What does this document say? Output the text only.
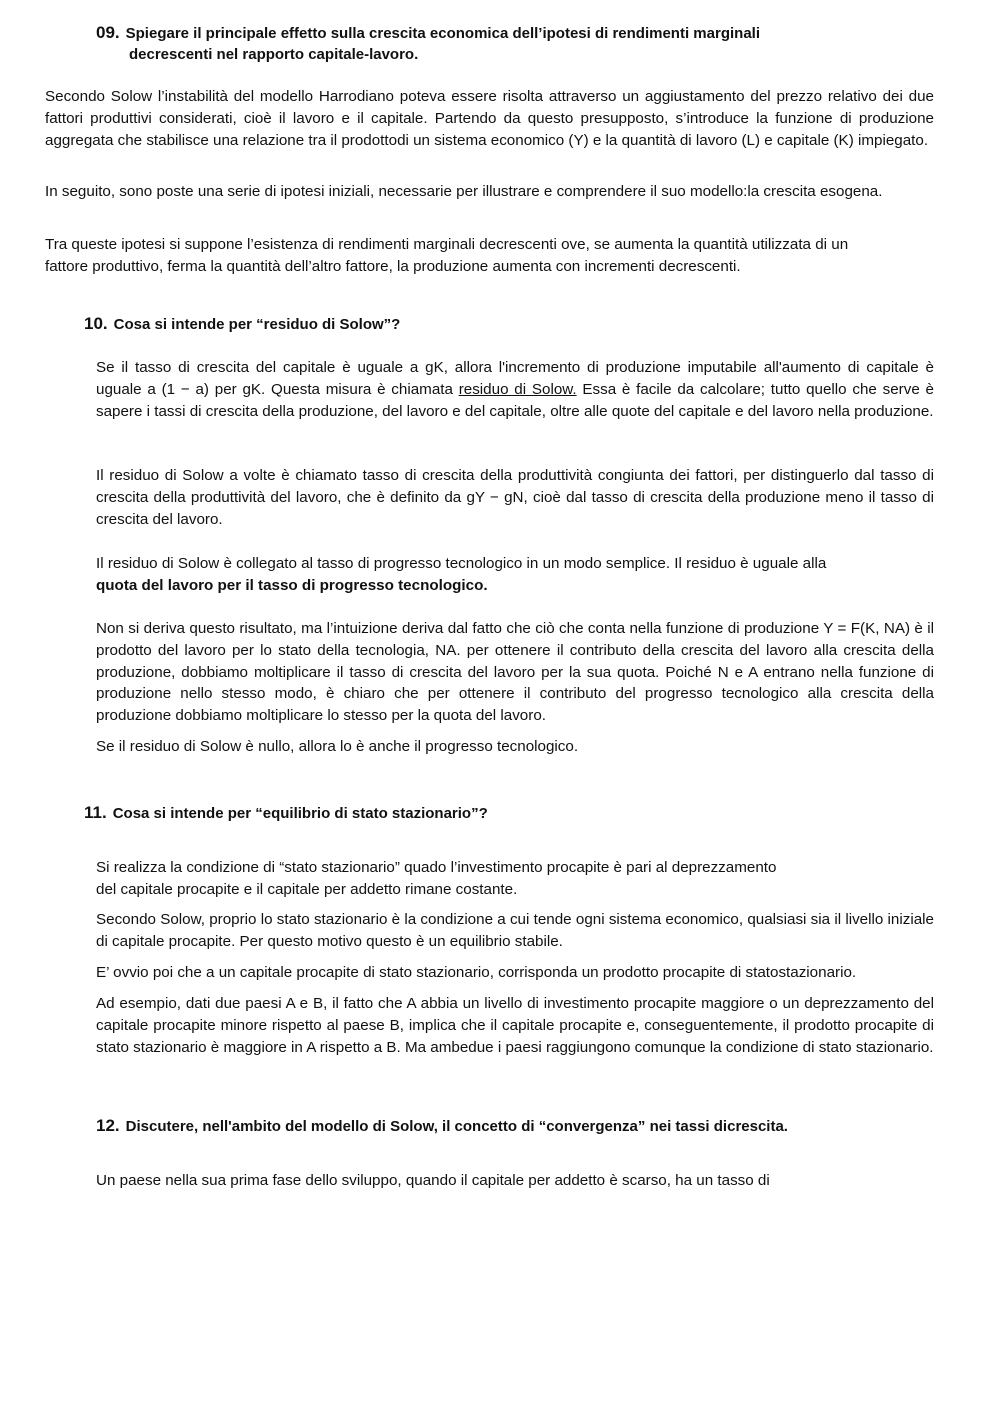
09. Spiegare il principale effetto sulla crescita economica dell’ipotesi di rendimenti marginali
decrescenti nel rapporto capitale-lavoro.

Secondo Solow l’instabilità del modello Harrodiano poteva essere risolta attraverso un aggiustamento del prezzo relativo dei due fattori produttivi considerati, cioè il lavoro e il capitale. Partendo da questo presupposto, s’introduce la funzione di produzione aggregata che stabilisce una relazione tra il prodottodi un sistema economico (Y) e la quantità di lavoro (L) e capitale (K) impiegato.

In seguito, sono poste una serie di ipotesi iniziali, necessarie per illustrare e comprendere il suo modello:la crescita esogena.

Tra queste ipotesi si suppone l’esistenza di rendimenti marginali decrescenti ove, se aumenta la quantità utilizzata di un
fattore produttivo, ferma la quantità dell’altro fattore, la produzione aumenta con incrementi decrescenti.
10. Cosa si intende per “residuo di Solow”?

Se il tasso di crescita del capitale è uguale a gK, allora l'incremento di produzione imputabile all'aumento di capitale è uguale a (1 − a) per gK. Questa misura è chiamata residuo di Solow. Essa è facile da calcolare; tutto quello che serve è sapere i tassi di crescita della produzione, del lavoro e del capitale, oltre alle quote del capitale e del lavoro nella produzione.

Il residuo di Solow a volte è chiamato tasso di crescita della produttività congiunta dei fattori, per distinguerlo dal tasso di crescita della produttività del lavoro, che è definito da gY − gN, cioè dal tasso di crescita della produzione meno il tasso di crescita del lavoro.

Il residuo di Solow è collegato al tasso di progresso tecnologico in un modo semplice. Il residuo è uguale alla
quota del lavoro per il tasso di progresso tecnologico.

Non si deriva questo risultato, ma l’intuizione deriva dal fatto che ciò che conta nella funzione di produzione Y = F(K, NA) è il prodotto del lavoro per lo stato della tecnologia, NA. per ottenere il contributo della crescita del lavoro alla crescita della produzione, dobbiamo moltiplicare il tasso di crescita del lavoro per la sua quota. Poiché N e A entrano nella funzione di produzione nello stesso modo, è chiaro che per ottenere il contributo del progresso tecnologico alla crescita della produzione dobbiamo moltiplicare lo stesso per la quota del lavoro.

Se il residuo di Solow è nullo, allora lo è anche il progresso tecnologico.

11. Cosa si intende per “equilibrio di stato stazionario”?
Si realizza la condizione di “stato stazionario” quado l’investimento procapite è pari al deprezzamento
del capitale procapite e il capitale per addetto rimane costante.

Secondo Solow, proprio lo stato stazionario è la condizione a cui tende ogni sistema economico, qualsiasi sia il livello iniziale di capitale procapite. Per questo motivo questo è un equilibrio stabile.

E’ ovvio poi che a un capitale procapite di stato stazionario, corrisponda un prodotto procapite di statostazionario.

Ad esempio, dati due paesi A e B, il fatto che A abbia un livello di investimento procapite maggiore o un deprezzamento del capitale procapite minore rispetto al paese B, implica che il capitale procapite e, conseguentemente, il prodotto procapite di stato stazionario è maggiore in A rispetto a B. Ma ambedue i paesi raggiungono comunque la condizione di stato stazionario.

12. Discutere, nell'ambito del modello di Solow, il concetto di “convergenza” nei tassi dicrescita.

Un paese nella sua prima fase dello sviluppo, quando il capitale per addetto è scarso, ha un tasso di
